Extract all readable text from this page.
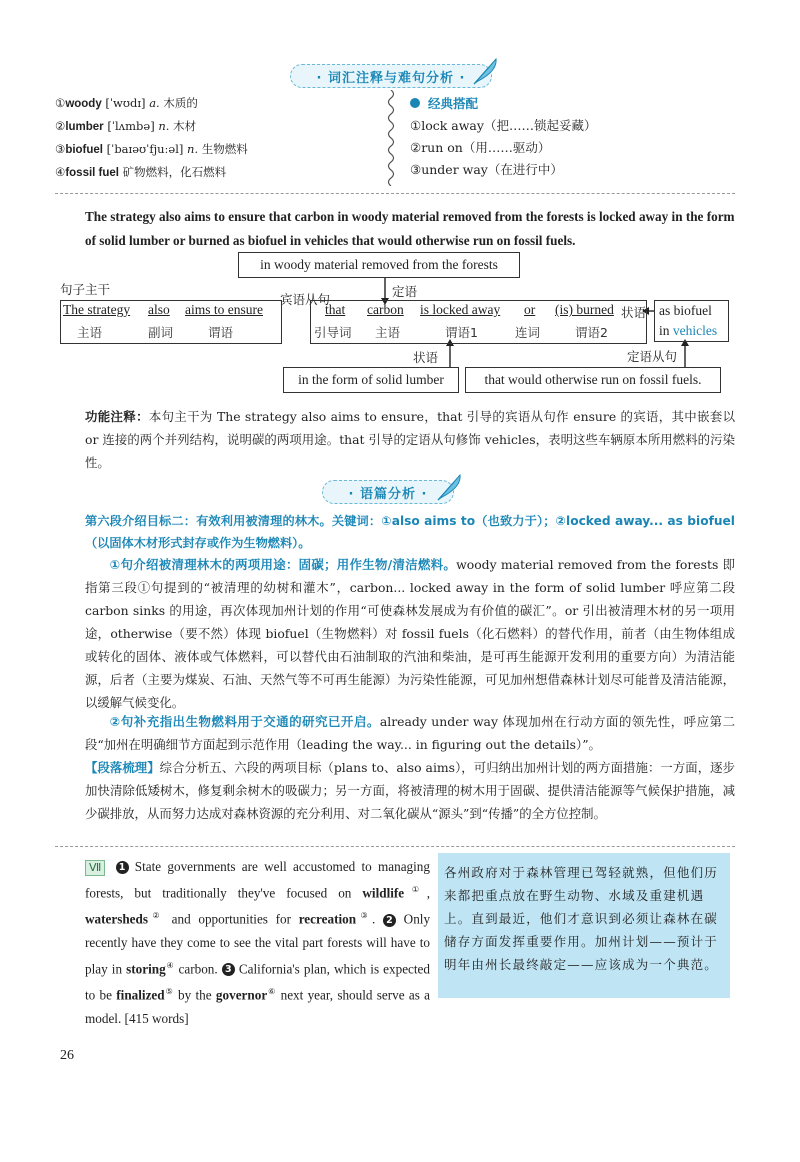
· 词汇注释与难句分析 ·
①woody [ˈwʊdɪ] a. 木质的
②lumber [ˈlʌmbə] n. 木材
③biofuel [ˈbaɪəʊˈfjuːəl] n. 生物燃料
④fossil fuel 矿物燃料，化石燃料
经典搭配
①lock away（把……锁起妥藏）
②run on（用……驱动）
③under way（在进行中）
The strategy also aims to ensure that carbon in woody material removed from the forests is locked away in the form of solid lumber or burned as biofuel in vehicles that would otherwise run on fossil fuels.
in woody material removed from the forests
句子主干
宾语从句
定语
状语
The strategy also aims to ensure
主语	副词	谓语
that carbon is locked away or (is) burned
引导词 主语	谓语1	连词	谓语2
as biofuel
in vehicles
状语	定语从句
in the form of solid lumber	that would otherwise run on fossil fuels.
功能注释：本句主干为 The strategy also aims to ensure，that 引导的宾语从句作 ensure 的宾语，其中嵌套以 or 连接的两个并列结构，说明碳的两项用途。that 引导的定语从句修饰 vehicles，表明这些车辆原本所用燃料的污染性。
· 语篇分析 ·
第六段介绍目标二：有效利用被清理的林木。关键词：①also aims to（也致力于）；②locked away... as biofuel（以固体木材形式封存或作为生物燃料）。
①句介绍被清理林木的两项用途：固碳；用作生物/清洁燃料。woody material removed from the forests 即指第三段①句提到的“被清理的幼树和灌木”，carbon... locked away in the form of solid lumber 呼应第二段 carbon sinks 的用途，再次体现加州计划的作用“可使森林发展成为有价值的碳汇”。or 引出被清理木材的另一项用途，otherwise（要不然）体现 biofuel（生物燃料）对 fossil fuels（化石燃料）的替代作用，前者（由生物体组成或转化的固体、液体或气体燃料，可以替代由石油制取的汽油和柴油，是可再生能源开发利用的重要方向）为清洁能源，后者（主要为煤炭、石油、天然气等不可再生能源）为污染性能源，可见加州想借森林计划尽可能普及清洁能源，以缓解气候变化。
②句补充指出生物燃料用于交通的研究已开启。already under way 体现加州在行动方面的领先性，呼应第二段“加州在明确细节方面起到示范作用（leading the way... in figuring out the details）”。
【段落梳理】综合分析五、六段的两项目标（plans to、also aims），可归纳出加州计划的两方面措施：一方面，逐步加快清除低矮树木，修复剩余树木的吸碳力；另一方面，将被清理的树木用于固碳、提供清洁能源等气候保护措施，减少碳排放，从而努力达成对森林资源的充分利用、对二氧化碳从“源头”到“传播”的全方位控制。
Ⅶ 1 State governments are well accustomed to managing forests, but traditionally they've focused on wildlife①, watersheds② and opportunities for recreation③. 2 Only recently have they come to see the vital part forests will have to play in storing④ carbon. 3 California's plan, which is expected to be finalized⑤ by the governor⑥ next year, should serve as a model. [415 words]
各州政府对于森林管理已驾轻就熟，但他们历来都把重点放在野生动物、水域及重建机遇上。直到最近，他们才意识到必须让森林在碳储存方面发挥重要作用。加州计划——预计于明年由州长最终敲定——应该成为一个典范。
26
